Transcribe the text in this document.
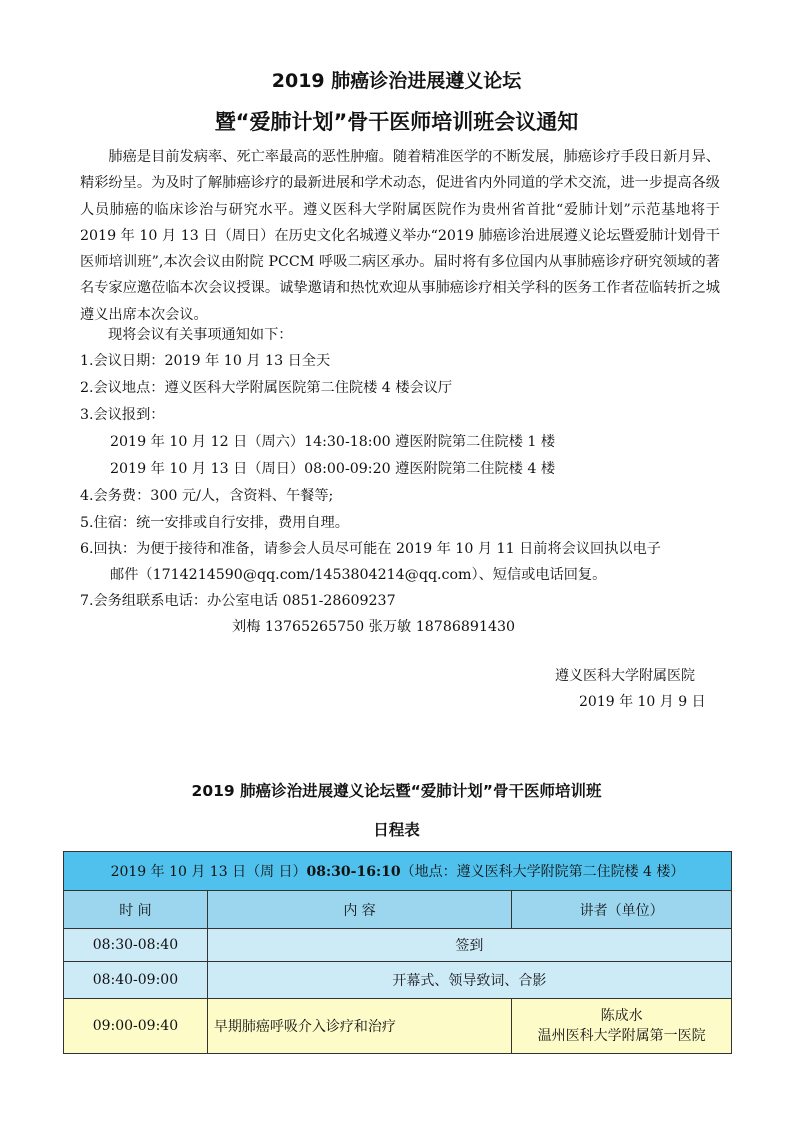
2019 肺癌诊治进展遵义论坛
暨“爱肺计划”骨干医师培训班会议通知

肺癌是目前发病率、死亡率最高的恶性肿瘤。随着精准医学的不断发展，肺癌诊疗手段日新月异、精彩纷呈。为及时了解肺癌诊疗的最新进展和学术动态，促进省内外同道的学术交流，进一步提高各级人员肺癌的临床诊治与研究水平。遵义医科大学附属医院作为贵州省首批“爱肺计划”示范基地将于 2019 年 10 月 13 日（周日）在历史文化名城遵义举办“2019 肺癌诊治进展遵义论坛暨爱肺计划骨干医师培训班”,本次会议由附院 PCCM 呼吸二病区承办。届时将有多位国内从事肺癌诊疗研究领域的著名专家应邀莅临本次会议授课。诚挚邀请和热忱欢迎从事肺癌诊疗相关学科的医务工作者莅临转折之城遵义出席本次会议。

现将会议有关事项通知如下：

1.会议日期：2019 年 10 月 13 日全天

2.会议地点：遵义医科大学附属医院第二住院楼 4 楼会议厅

3.会议报到：

2019 年 10 月 12 日（周六）14:30-18:00 遵医附院第二住院楼 1 楼

2019 年 10 月 13 日（周日）08:00-09:20 遵医附院第二住院楼 4 楼

4.会务费：300 元/人，含资料、午餐等;

5.住宿：统一安排或自行安排，费用自理。

6.回执：为便于接待和准备，请参会人员尽可能在 2019 年 10 月 11 日前将会议回执以电子

邮件（1714214590@qq.com/1453804214@qq.com）、短信或电话回复。

7.会务组联系电话：办公室电话 0851-28609237

刘梅 13765265750 张万敏 18786891430

遵义医科大学附属医院
2019 年 10 月 9 日
2019 肺癌诊治进展遵义论坛暨“爱肺计划”骨干医师培训班
日程表
2019 年 10 月 13 日（周 日）08:30-16:10（地点：遵义医科大学附院第二住院楼 4 楼）		
时 间	内 容	讲者（单位）
08:30-08:40	签到	
08:40-09:00	开幕式、领导致词、合影	
09:00-09:40	早期肺癌呼吸介入诊疗和治疗	陈成水
温州医科大学附属第一医院
